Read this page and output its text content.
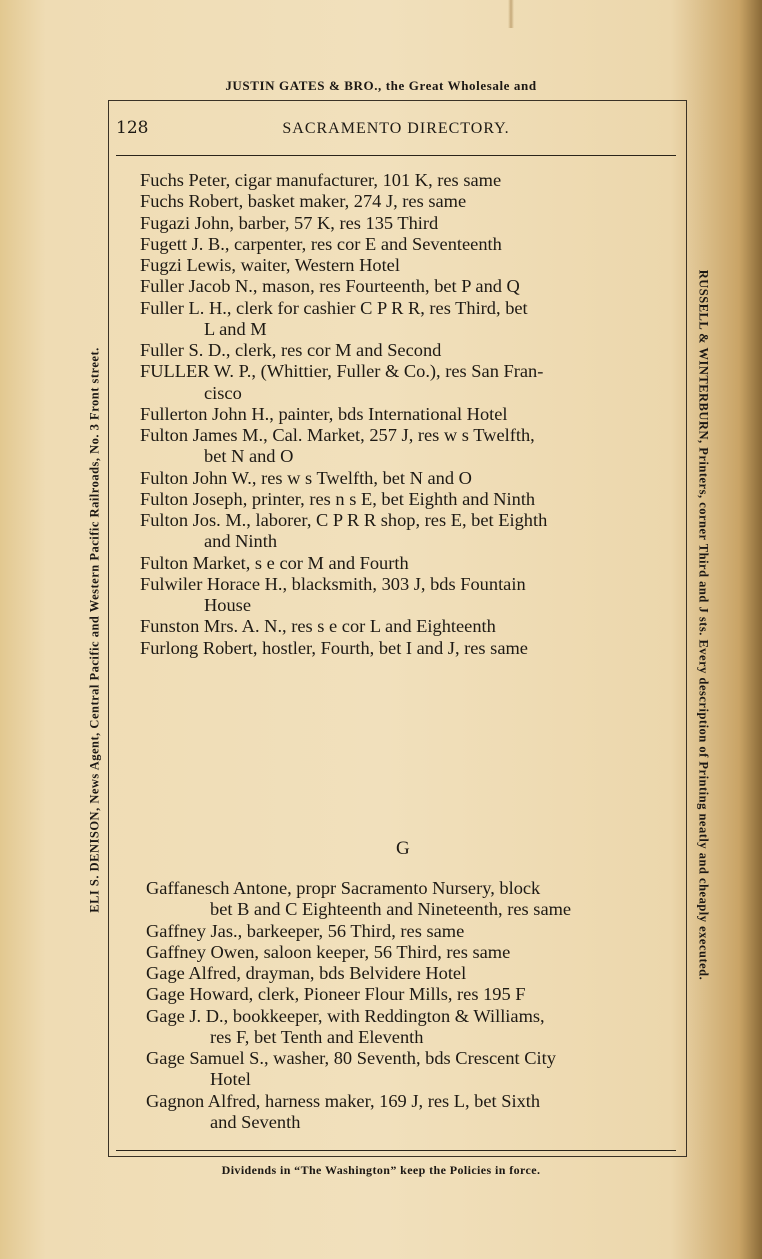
JUSTIN GATES & BRO., the Great Wholesale and
ELI S. DENISON, News Agent, Central Pacific and Western Pacific Railroads, No. 3 Front street.	RUSSELL & WINTERBURN, Printers, corner Third and J sts. Every description of Printing neatly and cheaply executed.
128	SACRAMENTO DIRECTORY.

Fuchs Peter, cigar manufacturer, 101 K, res same

Fuchs Robert, basket maker, 274 J, res same

Fugazi John, barber, 57 K, res 135 Third

Fugett J. B., carpenter, res cor E and Seventeenth

Fugzi Lewis, waiter, Western Hotel

Fuller Jacob N., mason, res Fourteenth, bet P and Q

Fuller L. H., clerk for cashier C P R R, res Third, bet

L and M

Fuller S. D., clerk, res cor M and Second

FULLER W. P., (Whittier, Fuller & Co.), res San Fran-

cisco

Fullerton John H., painter, bds International Hotel

Fulton James M., Cal. Market, 257 J, res w s Twelfth,

bet N and O

Fulton John W., res w s Twelfth, bet N and O

Fulton Joseph, printer, res n s E, bet Eighth and Ninth

Fulton Jos. M., laborer, C P R R shop, res E, bet Eighth

and Ninth

Fulton Market, s e cor M and Fourth

Fulwiler Horace H., blacksmith, 303 J, bds Fountain

House

Funston Mrs. A. N., res s e cor L and Eighteenth

Furlong Robert, hostler, Fourth, bet I and J, res same

G

Gaffanesch Antone, propr Sacramento Nursery, block

bet B and C Eighteenth and Nineteenth, res same

Gaffney Jas., barkeeper, 56 Third, res same

Gaffney Owen, saloon keeper, 56 Third, res same

Gage Alfred, drayman, bds Belvidere Hotel

Gage Howard, clerk, Pioneer Flour Mills, res 195 F

Gage J. D., bookkeeper, with Reddington & Williams,

res F, bet Tenth and Eleventh

Gage Samuel S., washer, 80 Seventh, bds Crescent City

Hotel

Gagnon Alfred, harness maker, 169 J, res L, bet Sixth

and Seventh

Dividends in “The Washington” keep the Policies in force.
